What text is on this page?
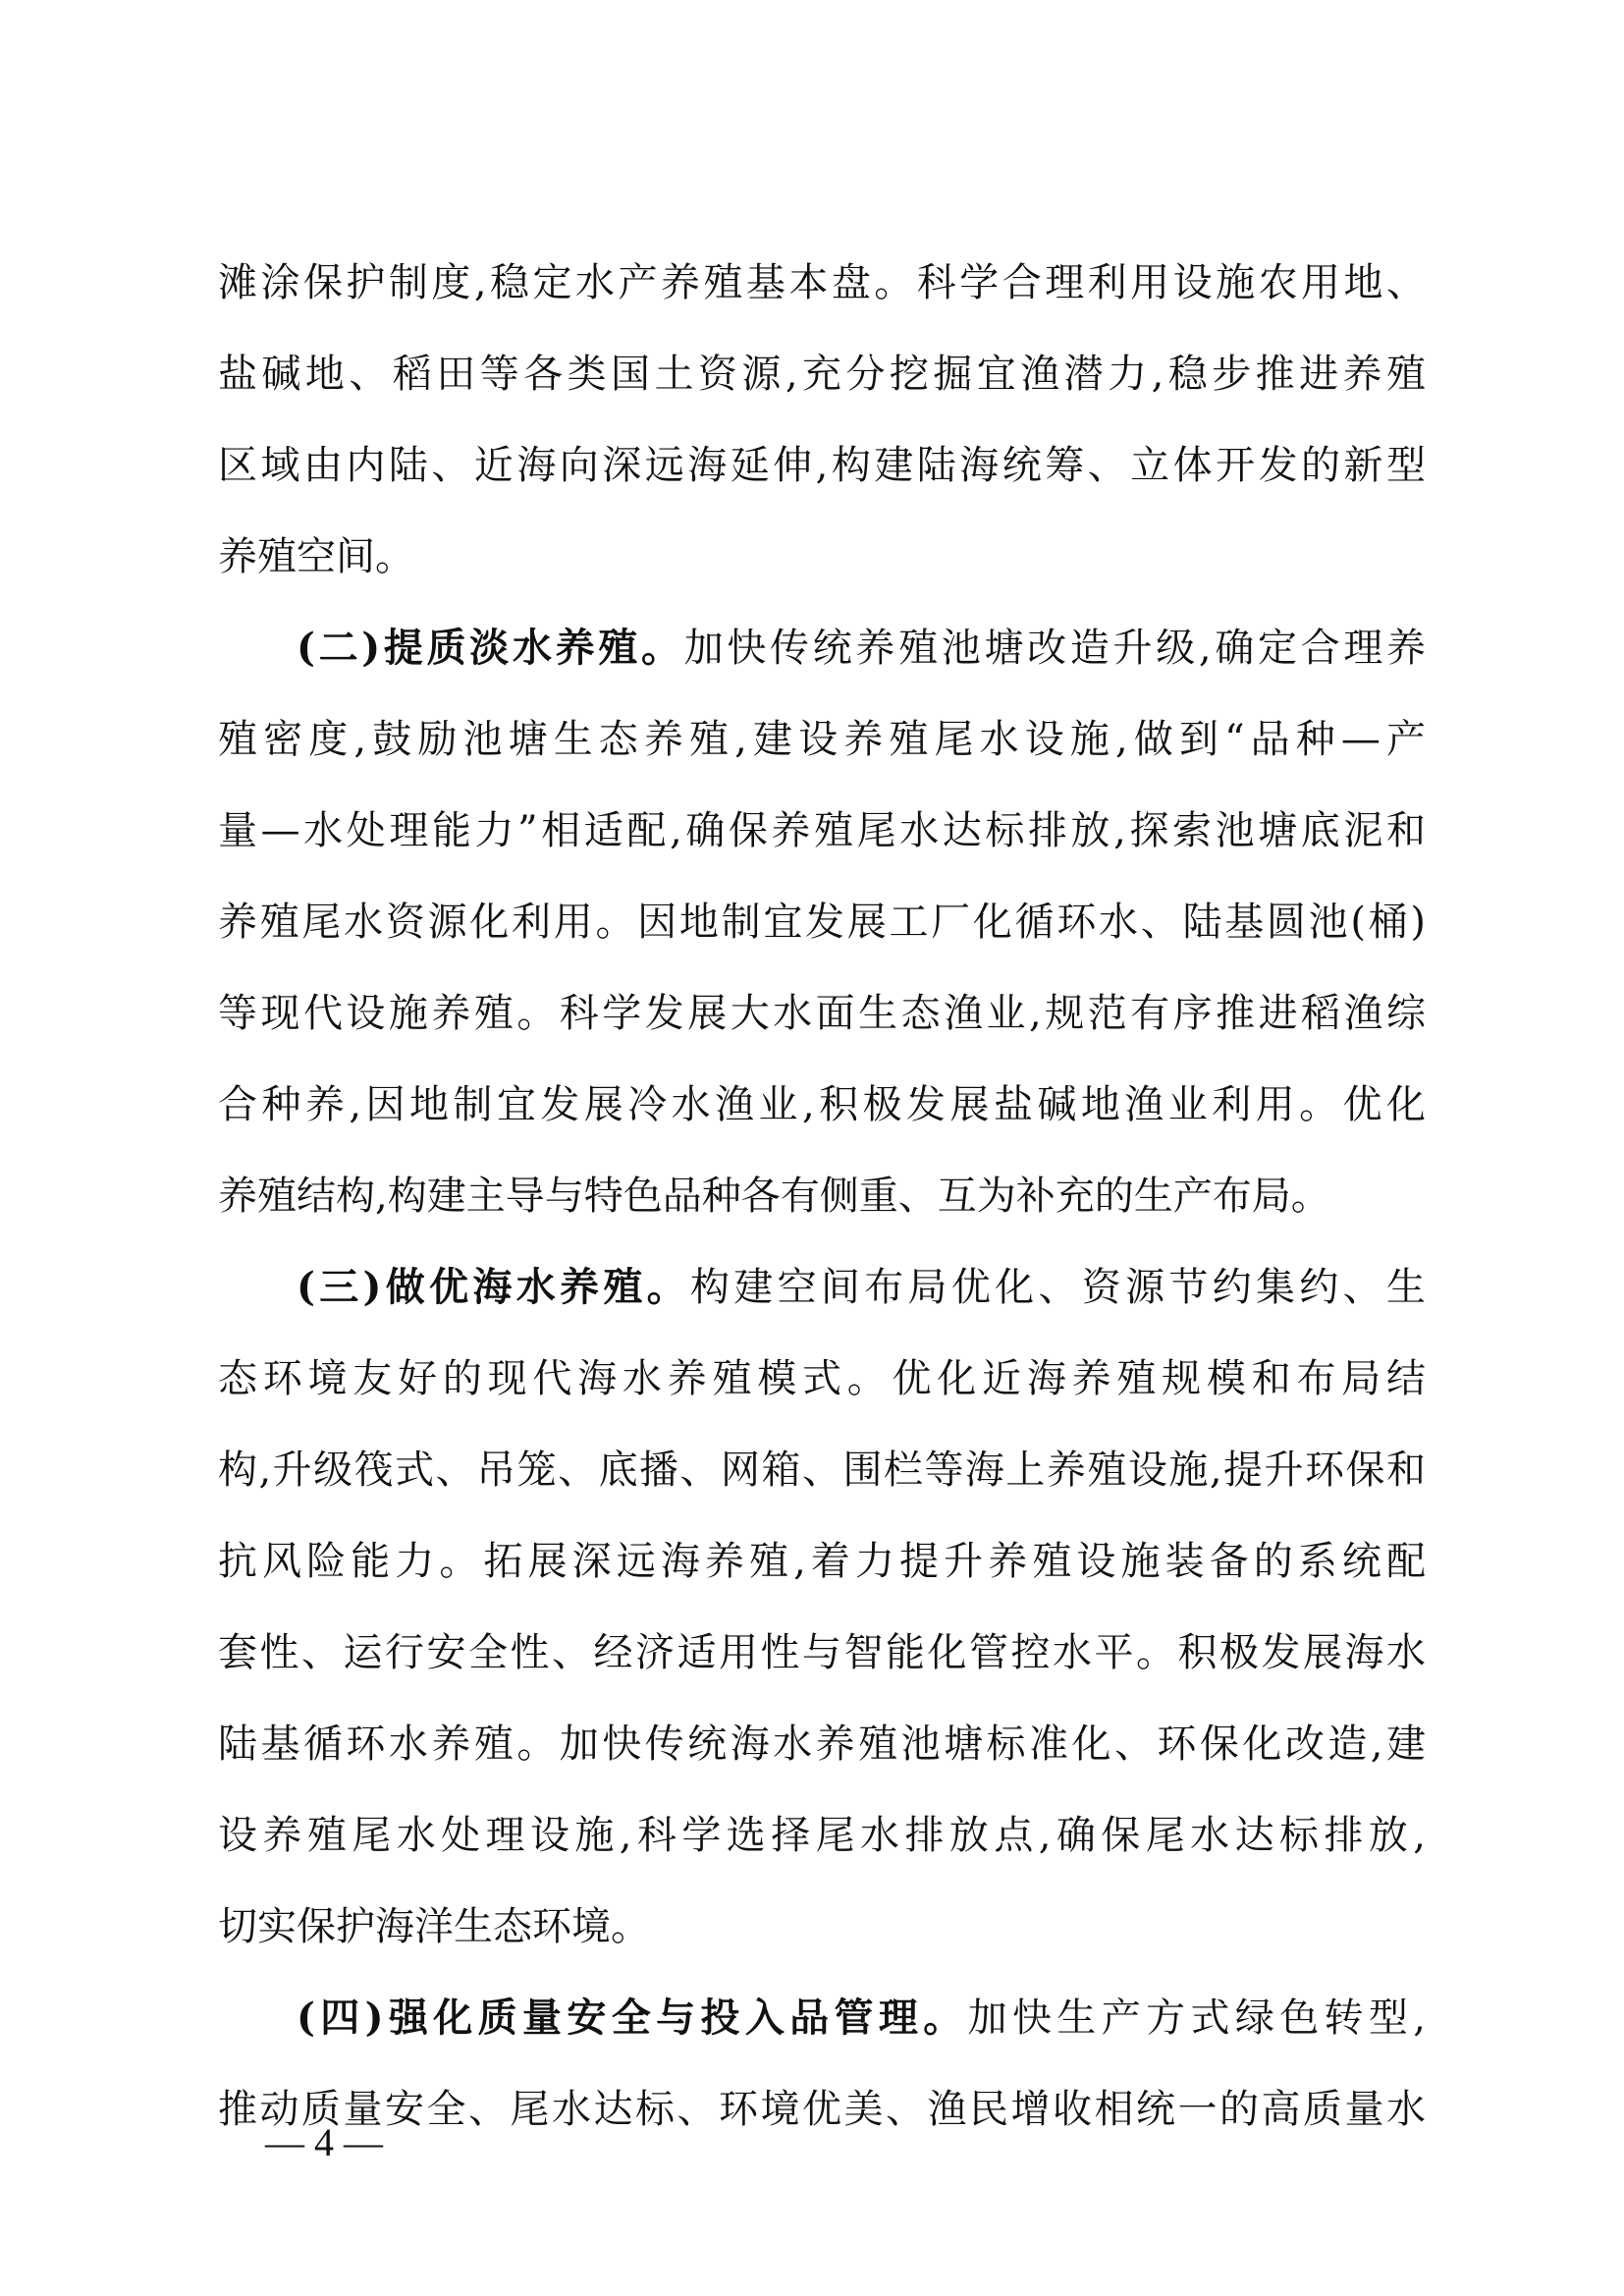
滩涂保护制度,稳定水产养殖基本盘。科学合理利用设施农用地、
盐碱地、稻田等各类国土资源,充分挖掘宜渔潜力,稳步推进养殖
区域由内陆、近海向深远海延伸,构建陆海统筹、立体开发的新型
养殖空间。
(二)提质淡水养殖。加快传统养殖池塘改造升级,确定合理养
殖密度,鼓励池塘生态养殖,建设养殖尾水设施,做到“品种—产
量—水处理能力”相适配,确保养殖尾水达标排放,探索池塘底泥和
养殖尾水资源化利用。因地制宜发展工厂化循环水、陆基圆池(桶)
等现代设施养殖。科学发展大水面生态渔业,规范有序推进稻渔综
合种养,因地制宜发展冷水渔业,积极发展盐碱地渔业利用。优化
养殖结构,构建主导与特色品种各有侧重、互为补充的生产布局。
(三)做优海水养殖。构建空间布局优化、资源节约集约、生
态环境友好的现代海水养殖模式。优化近海养殖规模和布局结
构,升级筏式、吊笼、底播、网箱、围栏等海上养殖设施,提升环保和
抗风险能力。拓展深远海养殖,着力提升养殖设施装备的系统配
套性、运行安全性、经济适用性与智能化管控水平。积极发展海水
陆基循环水养殖。加快传统海水养殖池塘标准化、环保化改造,建
设养殖尾水处理设施,科学选择尾水排放点,确保尾水达标排放,
切实保护海洋生态环境。
(四)强化质量安全与投入品管理。加快生产方式绿色转型,
推动质量安全、尾水达标、环境优美、渔民增收相统一的高质量水
— 4 —
